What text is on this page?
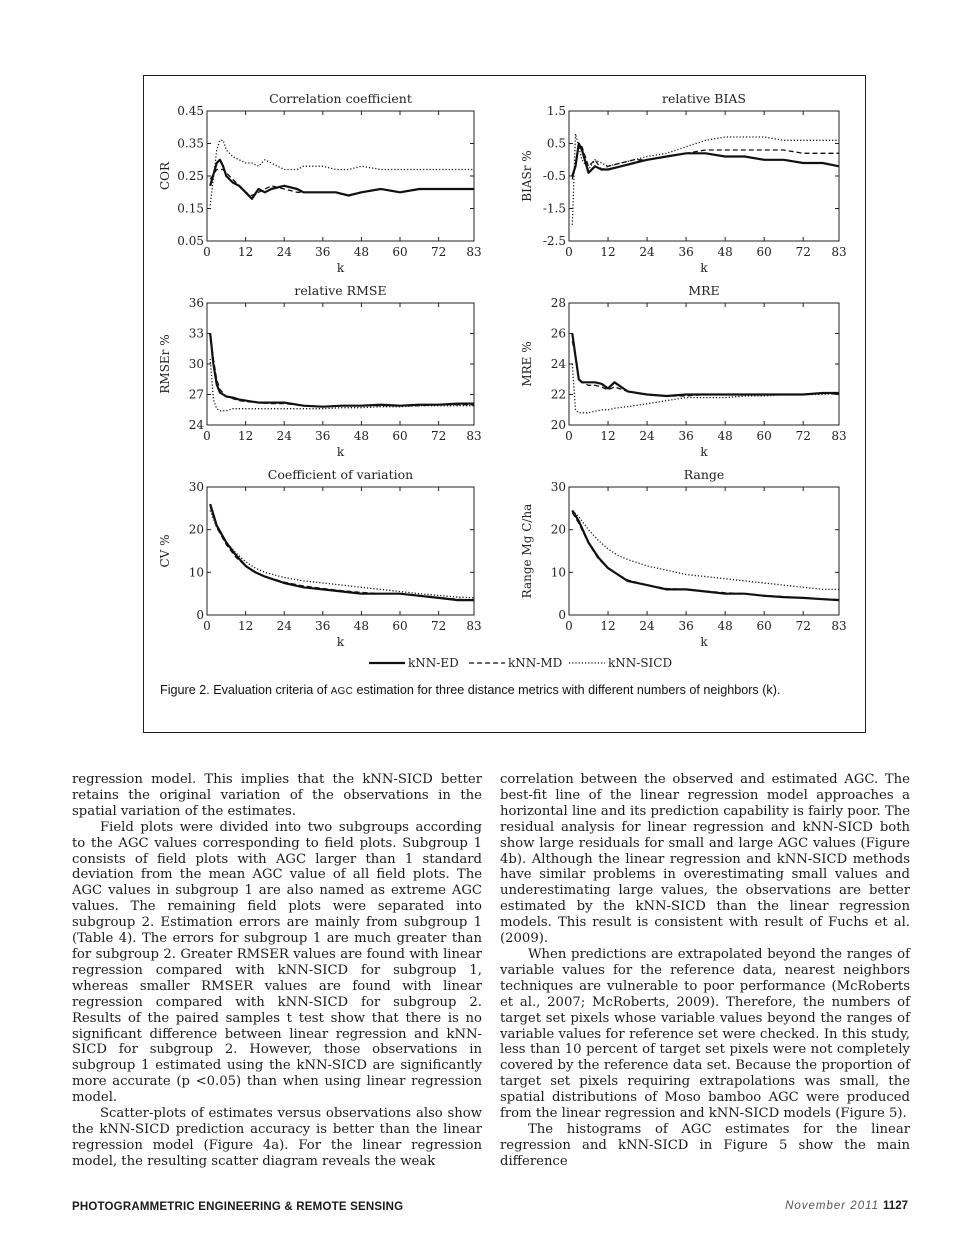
Correlation coefficient
0 12 24 36 48 60 72 83
0.45
0.35
0.25
0.15
0.05
k
COR
relative BIAS
0 12 24 36 48 60 72 83
1.5
0.5
-0.5
-1.5
-2.5
k
BIASr %
relative RMSE
0 12 24 36 48 60 72 83
36
33
30
27
24
k
RMSEr %
MRE
0 12 24 36 48 60 72 83
28
26
24
22
20
k
MRE %
Coefficient of variation
0 12 24 36 48 60 72 83
30
20
10
0
k
CV %
Range
0 12 24 36 48 60 72 83
30
20
10
0
k
Range Mg C/ha
kNN-ED	kNN-MD	kNN-SICD
Figure 2. Evaluation criteria of AGC estimation for three distance metrics with different numbers of neighbors (k).

regression model. This implies that the kNN-SICD better retains the original variation of the observations in the spatial variation of the estimates.

Field plots were divided into two subgroups according to the AGC values corresponding to field plots. Subgroup 1 consists of field plots with AGC larger than 1 standard deviation from the mean AGC value of all field plots. The AGC values in subgroup 1 are also named as extreme AGC values. The remaining field plots were separated into subgroup 2. Estimation errors are mainly from subgroup 1 (Table 4). The errors for subgroup 1 are much greater than for subgroup 2. Greater RMSER values are found with linear regression compared with kNN-SICD for subgroup 1, whereas smaller RMSER values are found with linear regression compared with kNN-SICD for subgroup 2. Results of the paired samples t test show that there is no significant difference between linear regression and kNN-SICD for subgroup 2. However, those observations in subgroup 1 estimated using the kNN-SICD are significantly more accurate (p <0.05) than when using linear regression model.

Scatter-plots of estimates versus observations also show the kNN-SICD prediction accuracy is better than the linear regression model (Figure 4a). For the linear regression model, the resulting scatter diagram reveals the weak

correlation between the observed and estimated AGC. The best-fit line of the linear regression model approaches a horizontal line and its prediction capability is fairly poor. The residual analysis for linear regression and kNN-SICD both show large residuals for small and large AGC values (Figure 4b). Although the linear regression and kNN-SICD methods have similar problems in overestimating small values and underestimating large values, the observations are better estimated by the kNN-SICD than the linear regression models. This result is consistent with result of Fuchs et al. (2009).

When predictions are extrapolated beyond the ranges of variable values for the reference data, nearest neighbors techniques are vulnerable to poor performance (McRoberts et al., 2007; McRoberts, 2009). Therefore, the numbers of target set pixels whose variable values beyond the ranges of variable values for reference set were checked. In this study, less than 10 percent of target set pixels were not completely covered by the reference data set. Because the proportion of target set pixels requiring extrapolations was small, the spatial distributions of Moso bamboo AGC were produced from the linear regression and kNN-SICD models (Figure 5).

The histograms of AGC estimates for the linear regression and kNN-SICD in Figure 5 show the main difference

PHOTOGRAMMETRIC ENGINEERING & REMOTE SENSING	November 2011 1127
